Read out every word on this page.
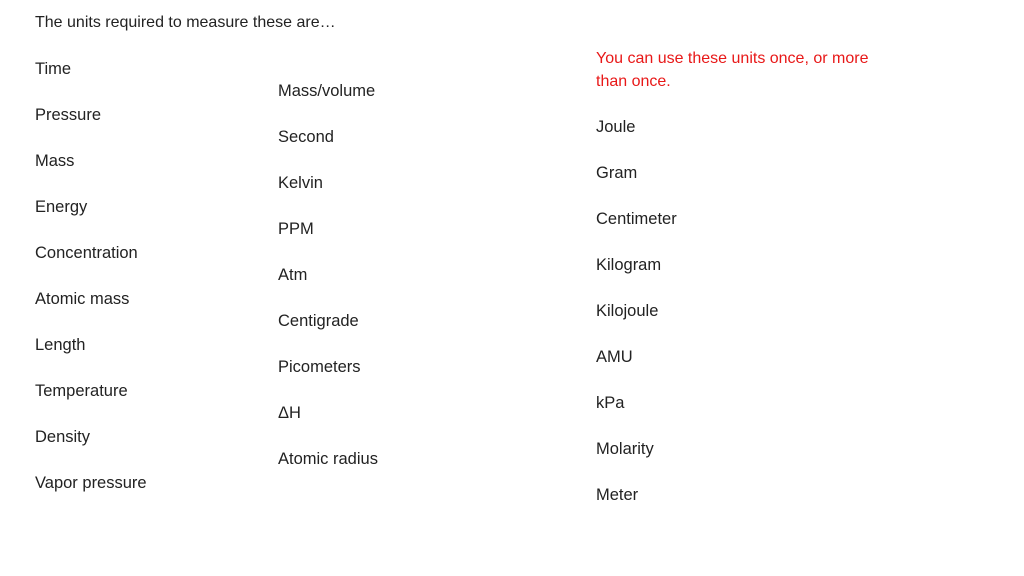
The units required to measure these are…
Time
Pressure
Mass
Energy
Concentration
Atomic mass
Length
Temperature
Density
Vapor pressure
Mass/volume
Second
Kelvin
PPM
Atm
Centigrade
Picometers
ΔH
Atomic radius
You can use these units once, or more than once.
Joule
Gram
Centimeter
Kilogram
Kilojoule
AMU
kPa
Molarity
Meter
